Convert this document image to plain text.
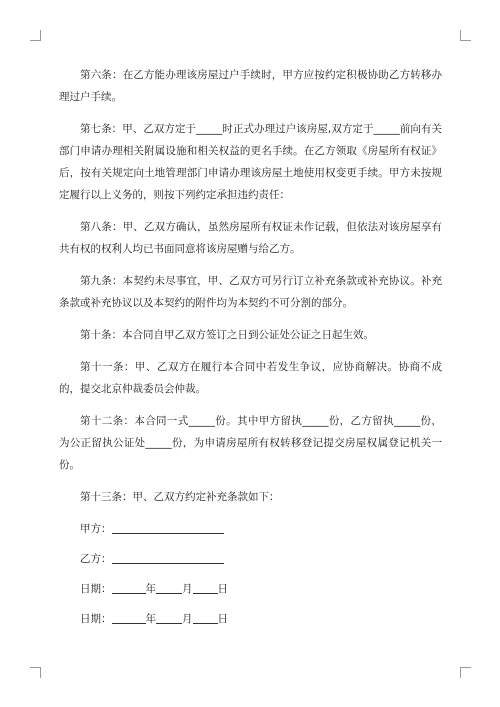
第六条：在乙方能办理该房屋过户手续时，甲方应按约定积极协助乙方转移办理过户手续。

第七条：甲、乙双方定于_____时正式办理过户该房屋,双方定于_____前向有关部门申请办理相关附属设施和相关权益的更名手续。在乙方领取《房屋所有权证》后，按有关规定向土地管理部门申请办理该房屋土地使用权变更手续。甲方未按规定履行以上义务的，则按下列约定承担违约责任：

第八条：甲、乙双方确认，虽然房屋所有权证未作记载，但依法对该房屋享有共有权的权利人均已书面同意将该房屋赠与给乙方。

第九条：本契约未尽事宜，甲、乙双方可另行订立补充条款或补充协议。补充条款或补充协议以及本契约的附件均为本契约不可分割的部分。

第十条：本合同自甲乙双方签订之日到公证处公证之日起生效。

第十一条：甲、乙双方在履行本合同中若发生争议，应协商解决。协商不成的，提交北京仲裁委员会仲裁。

第十二条：本合同一式_____份。其中甲方留执_____份，乙方留执_____份，为公正留执公证处_____份，为申请房屋所有权转移登记提交房屋权属登记机关一份。

第十三条：甲、乙双方约定补充条款如下：

甲方：
乙方：
日期：	年 月 日
日期：	年 月 日
